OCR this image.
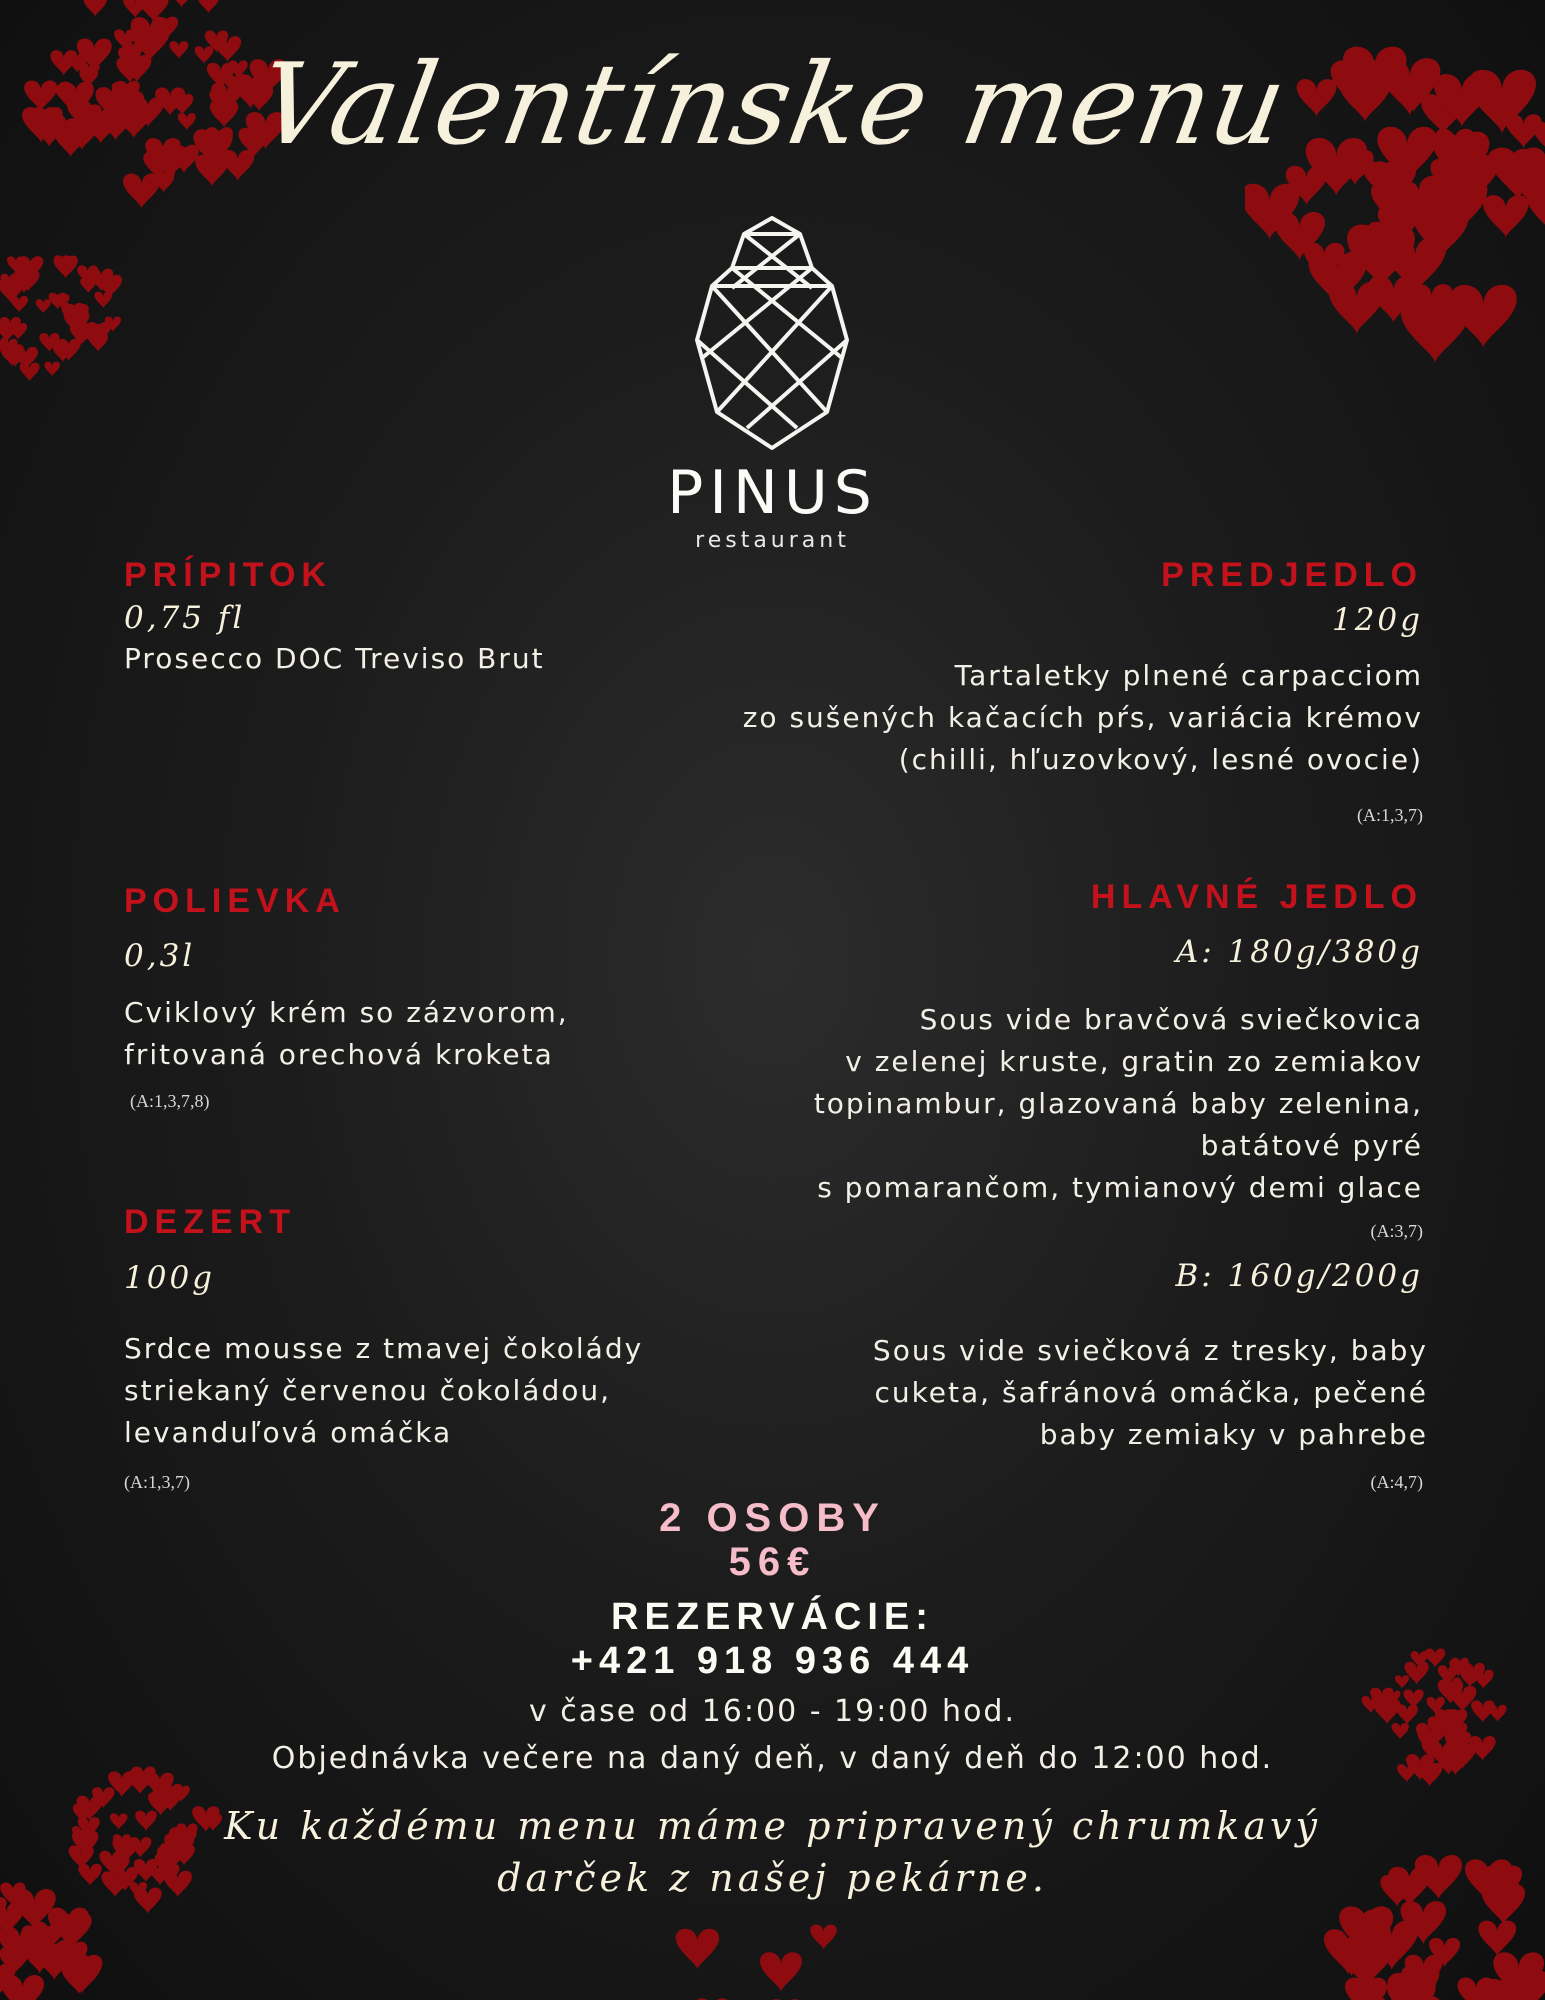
Valentínske menu
PINUS
restaurant
PRÍPITOK
0,75 fl
Prosecco DOC Treviso Brut
PREDJEDLO
120g
Tartaletky plnené carpacciom
zo sušených kačacích pŕs, variácia krémov
(chilli, hľuzovkový, lesné ovocie)
(A:1,3,7)
POLIEVKA
0,3l
Cviklový krém so zázvorom,
fritovaná orechová kroketa
(A:1,3,7,8)
HLAVNÉ JEDLO
A: 180g/380g
Sous vide bravčová sviečkovica
v zelenej kruste, gratin zo zemiakov
topinambur, glazovaná baby zelenina,
batátové pyré
s pomarančom, tymianový demi glace
(A:3,7)
B: 160g/200g
Sous vide sviečková z tresky, baby
cuketa, šafránová omáčka, pečené
baby zemiaky v pahrebe
(A:4,7)
DEZERT
100g
Srdce mousse z tmavej čokolády
striekaný červenou čokoládou,
levanduľová omáčka
(A:1,3,7)
2 OSOBY
56€
REZERVÁCIE:
+421 918 936 444
v čase od 16:00 - 19:00 hod.
Objednávka večere na daný deň, v daný deň do 12:00 hod.
Ku každému menu máme pripravený chrumkavý
darček z našej pekárne.
